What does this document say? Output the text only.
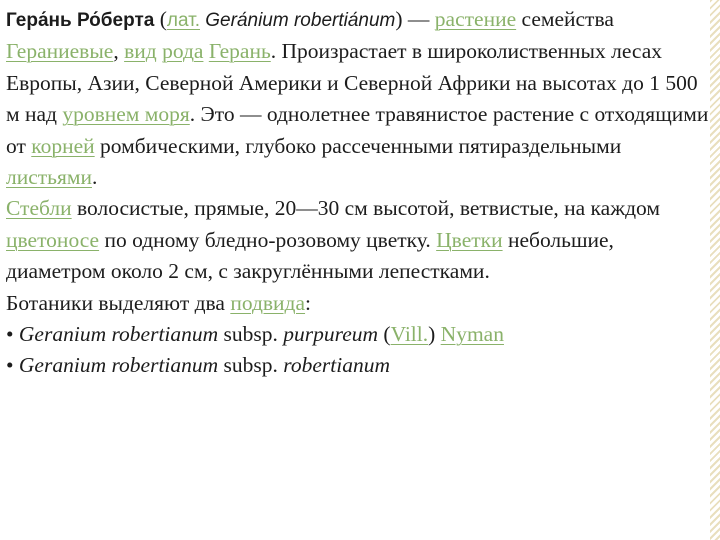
Гера́нь Ро́берта (лат. Gerа́nium robertiа́num) — растение семейства Гераниевые, вид рода Герань. Произрастает в широколиственных лесах Европы, Азии, Северной Америки и Северной Африки на высотах до 1 500 м над уровнем моря. Это — однолетнее травянистое растение с отходящими от корней ромбическими, глубоко рассеченными пятираздельными листьями.

Стебли волосистые, прямые, 20—30 см высотой, ветвистые, на каждом цветоносе по одному бледно-розовому цветку. Цветки небольшие, диаметром около 2 см, с закруглёнными лепестками.

Ботаники выделяют два подвида:

• Geranium robertianum subsp. purpureum (Vill.) Nyman

• Geranium robertianum subsp. robertianum
